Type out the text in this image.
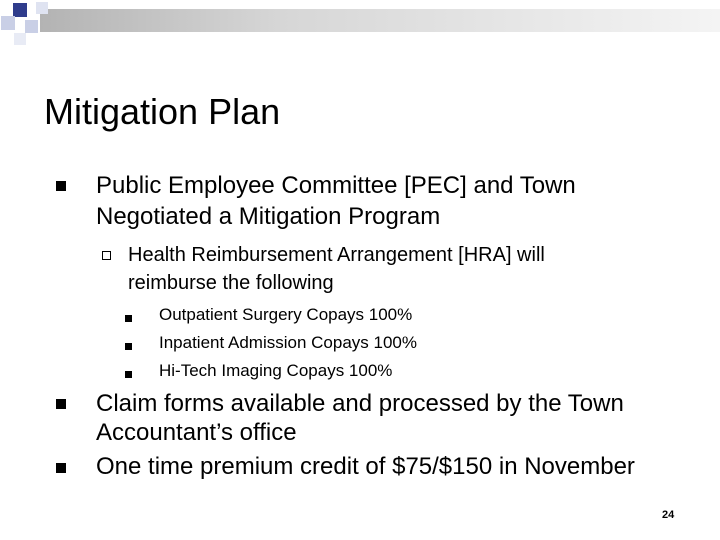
Mitigation Plan
Public Employee Committee [PEC] and Town
Negotiated a Mitigation Program
Health Reimbursement Arrangement [HRA] will
reimburse the following
Outpatient Surgery Copays 100%
Inpatient Admission Copays 100%
Hi-Tech Imaging Copays 100%
Claim forms available and processed by the Town
Accountant’s office
One time premium credit of $75/$150 in November
24
